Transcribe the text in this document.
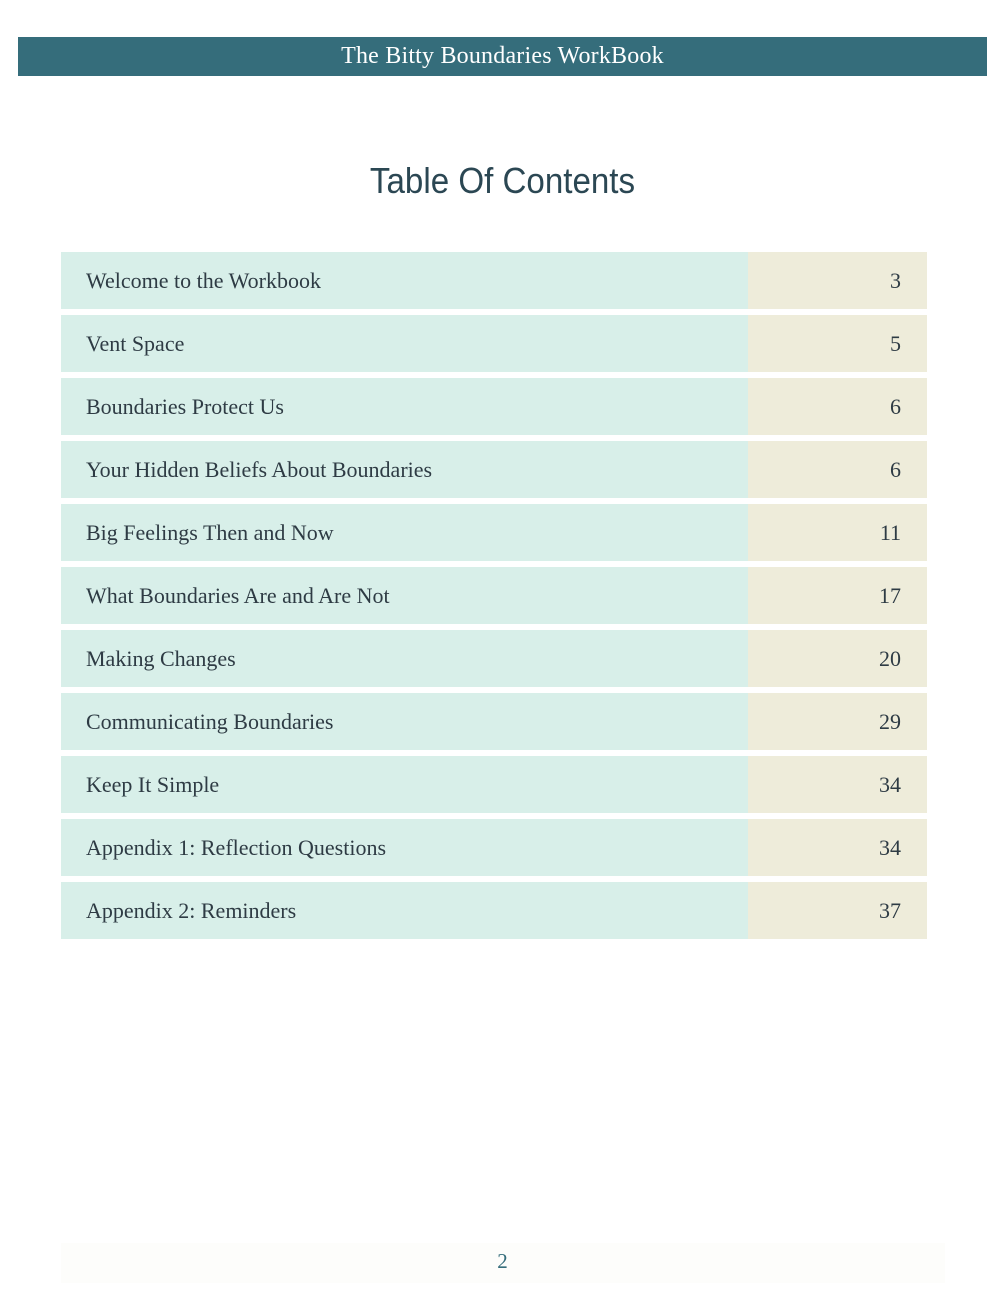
The Bitty Boundaries WorkBook
Table Of Contents
Welcome to the Workbook	3
Vent Space	5
Boundaries Protect Us	6
Your Hidden Beliefs About Boundaries	6
Big Feelings Then and Now	11
What Boundaries Are and Are Not	17
Making Changes	20
Communicating Boundaries	29
Keep It Simple	34
Appendix 1: Reflection Questions	34
Appendix 2: Reminders	37
2
